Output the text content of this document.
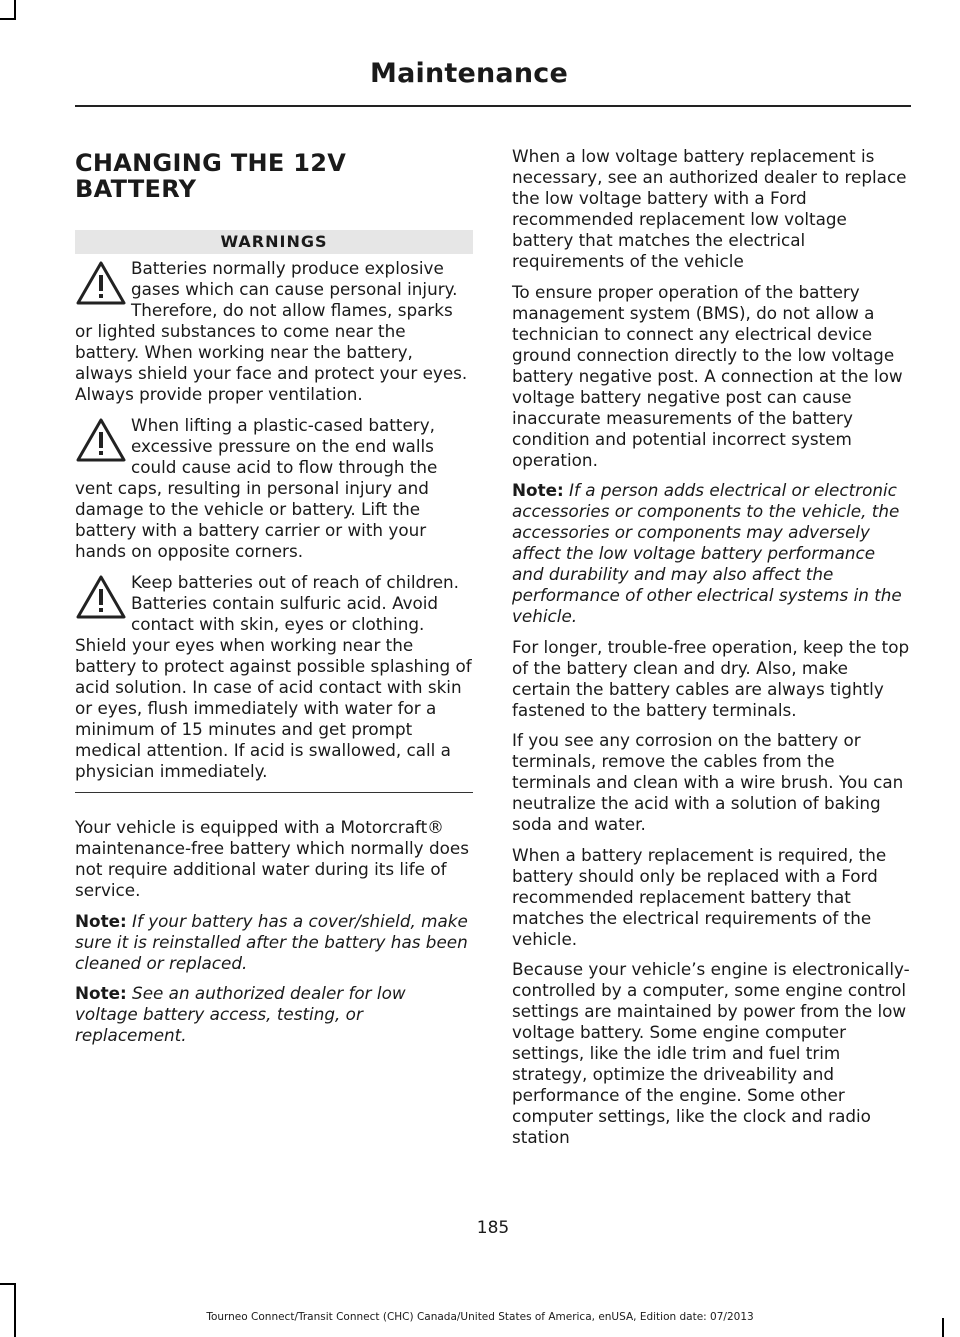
Maintenance
CHANGING THE 12V BATTERY
WARNINGS

Batteries normally produce explosive gases which can cause personal injury. Therefore, do not allow flames, sparks or lighted substances to come near the battery. When working near the battery, always shield your face and protect your eyes. Always provide proper ventilation.

When lifting a plastic-cased battery, excessive pressure on the end walls could cause acid to flow through the vent caps, resulting in personal injury and damage to the vehicle or battery. Lift the battery with a battery carrier or with your hands on opposite corners.

Keep batteries out of reach of children. Batteries contain sulfuric acid. Avoid contact with skin, eyes or clothing. Shield your eyes when working near the battery to protect against possible splashing of acid solution. In case of acid contact with skin or eyes, flush immediately with water for a minimum of 15 minutes and get prompt medical attention. If acid is swallowed, call a physician immediately.

Your vehicle is equipped with a Motorcraft® maintenance-free battery which normally does not require additional water during its life of service.

Note: If your battery has a cover/shield, make sure it is reinstalled after the battery has been cleaned or replaced.

Note: See an authorized dealer for low voltage battery access, testing, or replacement.

When a low voltage battery replacement is necessary, see an authorized dealer to replace the low voltage battery with a Ford recommended replacement low voltage battery that matches the electrical requirements of the vehicle

To ensure proper operation of the battery management system (BMS), do not allow a technician to connect any electrical device ground connection directly to the low voltage battery negative post. A connection at the low voltage battery negative post can cause inaccurate measurements of the battery condition and potential incorrect system operation.

Note: If a person adds electrical or electronic accessories or components to the vehicle, the accessories or components may adversely affect the low voltage battery performance and durability and may also affect the performance of other electrical systems in the vehicle.

For longer, trouble-free operation, keep the top of the battery clean and dry. Also, make certain the battery cables are always tightly fastened to the battery terminals.

If you see any corrosion on the battery or terminals, remove the cables from the terminals and clean with a wire brush. You can neutralize the acid with a solution of baking soda and water.

When a battery replacement is required, the battery should only be replaced with a Ford recommended replacement battery that matches the electrical requirements of the vehicle.

Because your vehicle’s engine is electronically-controlled by a computer, some engine control settings are maintained by power from the low voltage battery. Some engine computer settings, like the idle trim and fuel trim strategy, optimize the driveability and performance of the engine. Some other computer settings, like the clock and radio station

185
Tourneo Connect/Transit Connect (CHC) Canada/United States of America, enUSA, Edition date: 07/2013
